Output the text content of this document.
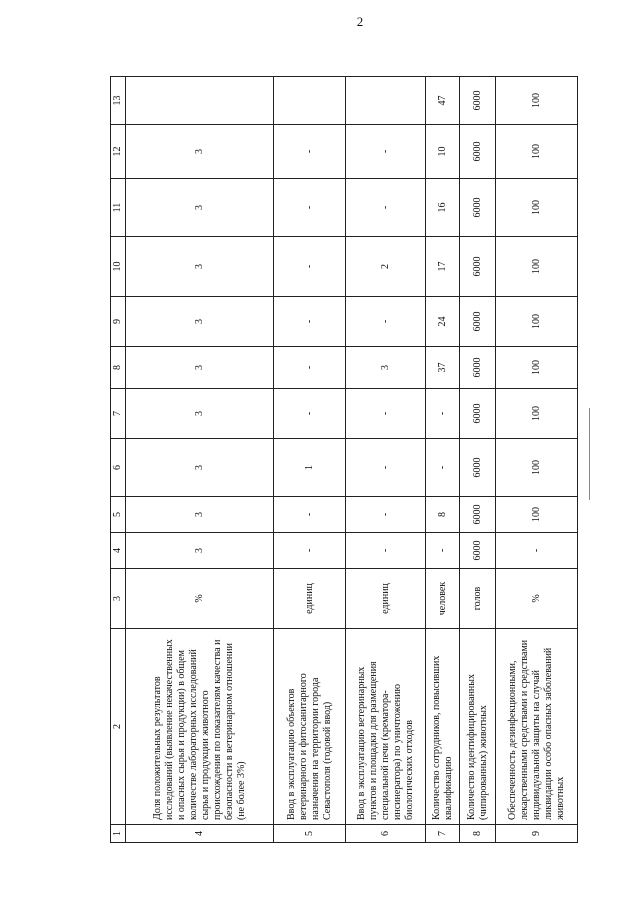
2
1	2	3	4	5	6	7	8	9	10	11	12	13
4	Доля положительных результатов исследований (выявление некачественных и опасных сырья и продукции) в общем количестве лабораторных исследований сырья и продукции животного происхождения по показателям качества и безопасности в ветеринарном отношении (не более 3%)	%	3	3	3	3	3	3	3	3	3	
5	Ввод в эксплуатацию объектов ветеринарного и фитосанитарного назначения на территории города Севастополя (годовой ввод)	единиц	-	-	1	-	-	-	-	-	-	
6	Ввод в эксплуатацию ветеринарных пунктов и площадки для размещения специальной печи (крематора-инсинератора) по уничтожению биологических отходов	единиц	-	-	-	-	3	-	2	-	-	
7	Количество сотрудников, повысивших квалификацию	человек	-	8	-	-	37	24	17	16	10	47
8	Количество идентифицированных (чипированных) животных	голов	6000	6000	6000	6000	6000	6000	6000	6000	6000	6000
9	Обеспеченность дезинфекционными, лекарственными средствами и средствами индивидуальной защиты на случай ликвидации особо опасных заболеваний животных	%	-	100	100	100	100	100	100	100	100	100
